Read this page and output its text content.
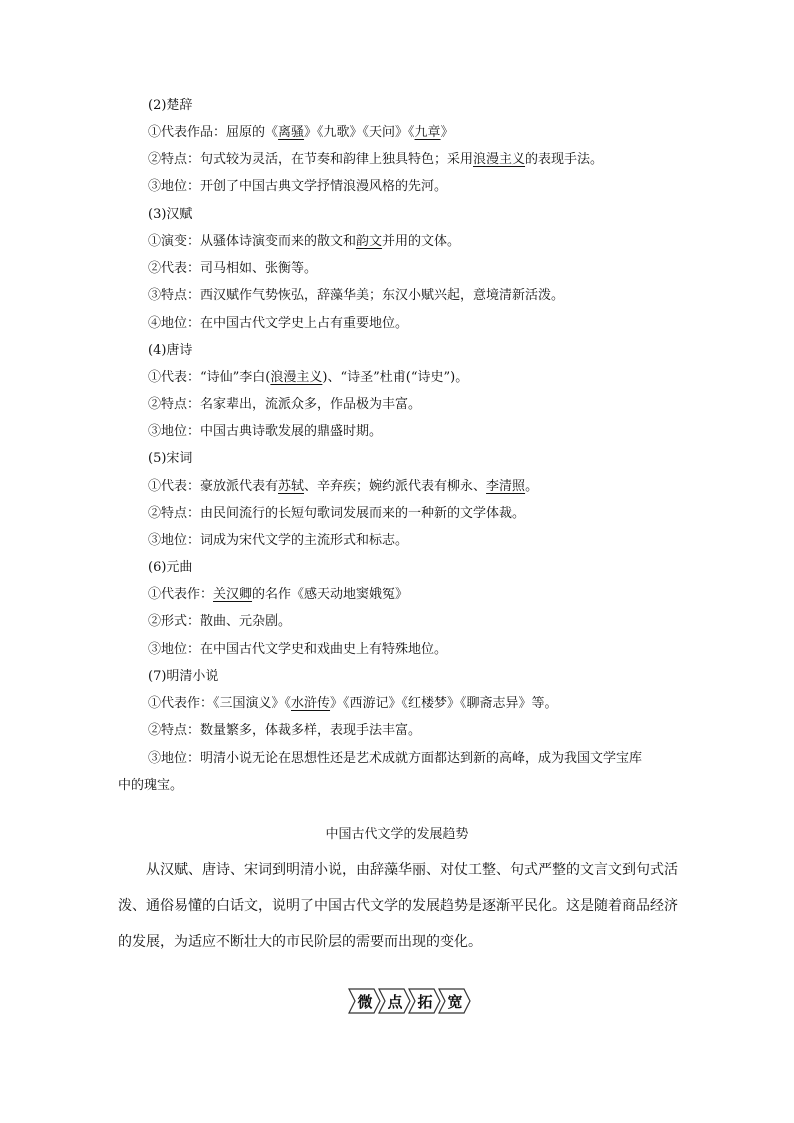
(2)楚辞
①代表作品：屈原的《离骚》《九歌》《天问》《九章》
②特点：句式较为灵活，在节奏和韵律上独具特色；采用浪漫主义的表现手法。
③地位：开创了中国古典文学抒情浪漫风格的先河。
(3)汉赋
①演变：从骚体诗演变而来的散文和韵文并用的文体。
②代表：司马相如、张衡等。
③特点：西汉赋作气势恢弘，辞藻华美；东汉小赋兴起，意境清新活泼。
④地位：在中国古代文学史上占有重要地位。
(4)唐诗
①代表：“诗仙”李白(浪漫主义)、“诗圣”杜甫(“诗史”)。
②特点：名家辈出，流派众多，作品极为丰富。
③地位：中国古典诗歌发展的鼎盛时期。
(5)宋词
①代表：豪放派代表有苏轼、辛弃疾；婉约派代表有柳永、李清照。
②特点：由民间流行的长短句歌词发展而来的一种新的文学体裁。
③地位：词成为宋代文学的主流形式和标志。
(6)元曲
①代表作：关汉卿的名作《感天动地窦娥冤》
②形式：散曲、元杂剧。
③地位：在中国古代文学史和戏曲史上有特殊地位。
(7)明清小说
①代表作：《三国演义》《水浒传》《西游记》《红楼梦》《聊斋志异》等。
②特点：数量繁多，体裁多样，表现手法丰富。
③地位：明清小说无论在思想性还是艺术成就方面都达到新的高峰，成为我国文学宝库
中的瑰宝。
中国古代文学的发展趋势

从汉赋、唐诗、宋词到明清小说，由辞藻华丽、对仗工整、句式严整的文言文到句式活

泼、通俗易懂的白话文，说明了中国古代文学的发展趋势是逐渐平民化。这是随着商品经济

的发展，为适应不断壮大的市民阶层的需要而出现的变化。

微 点 拓 宽
